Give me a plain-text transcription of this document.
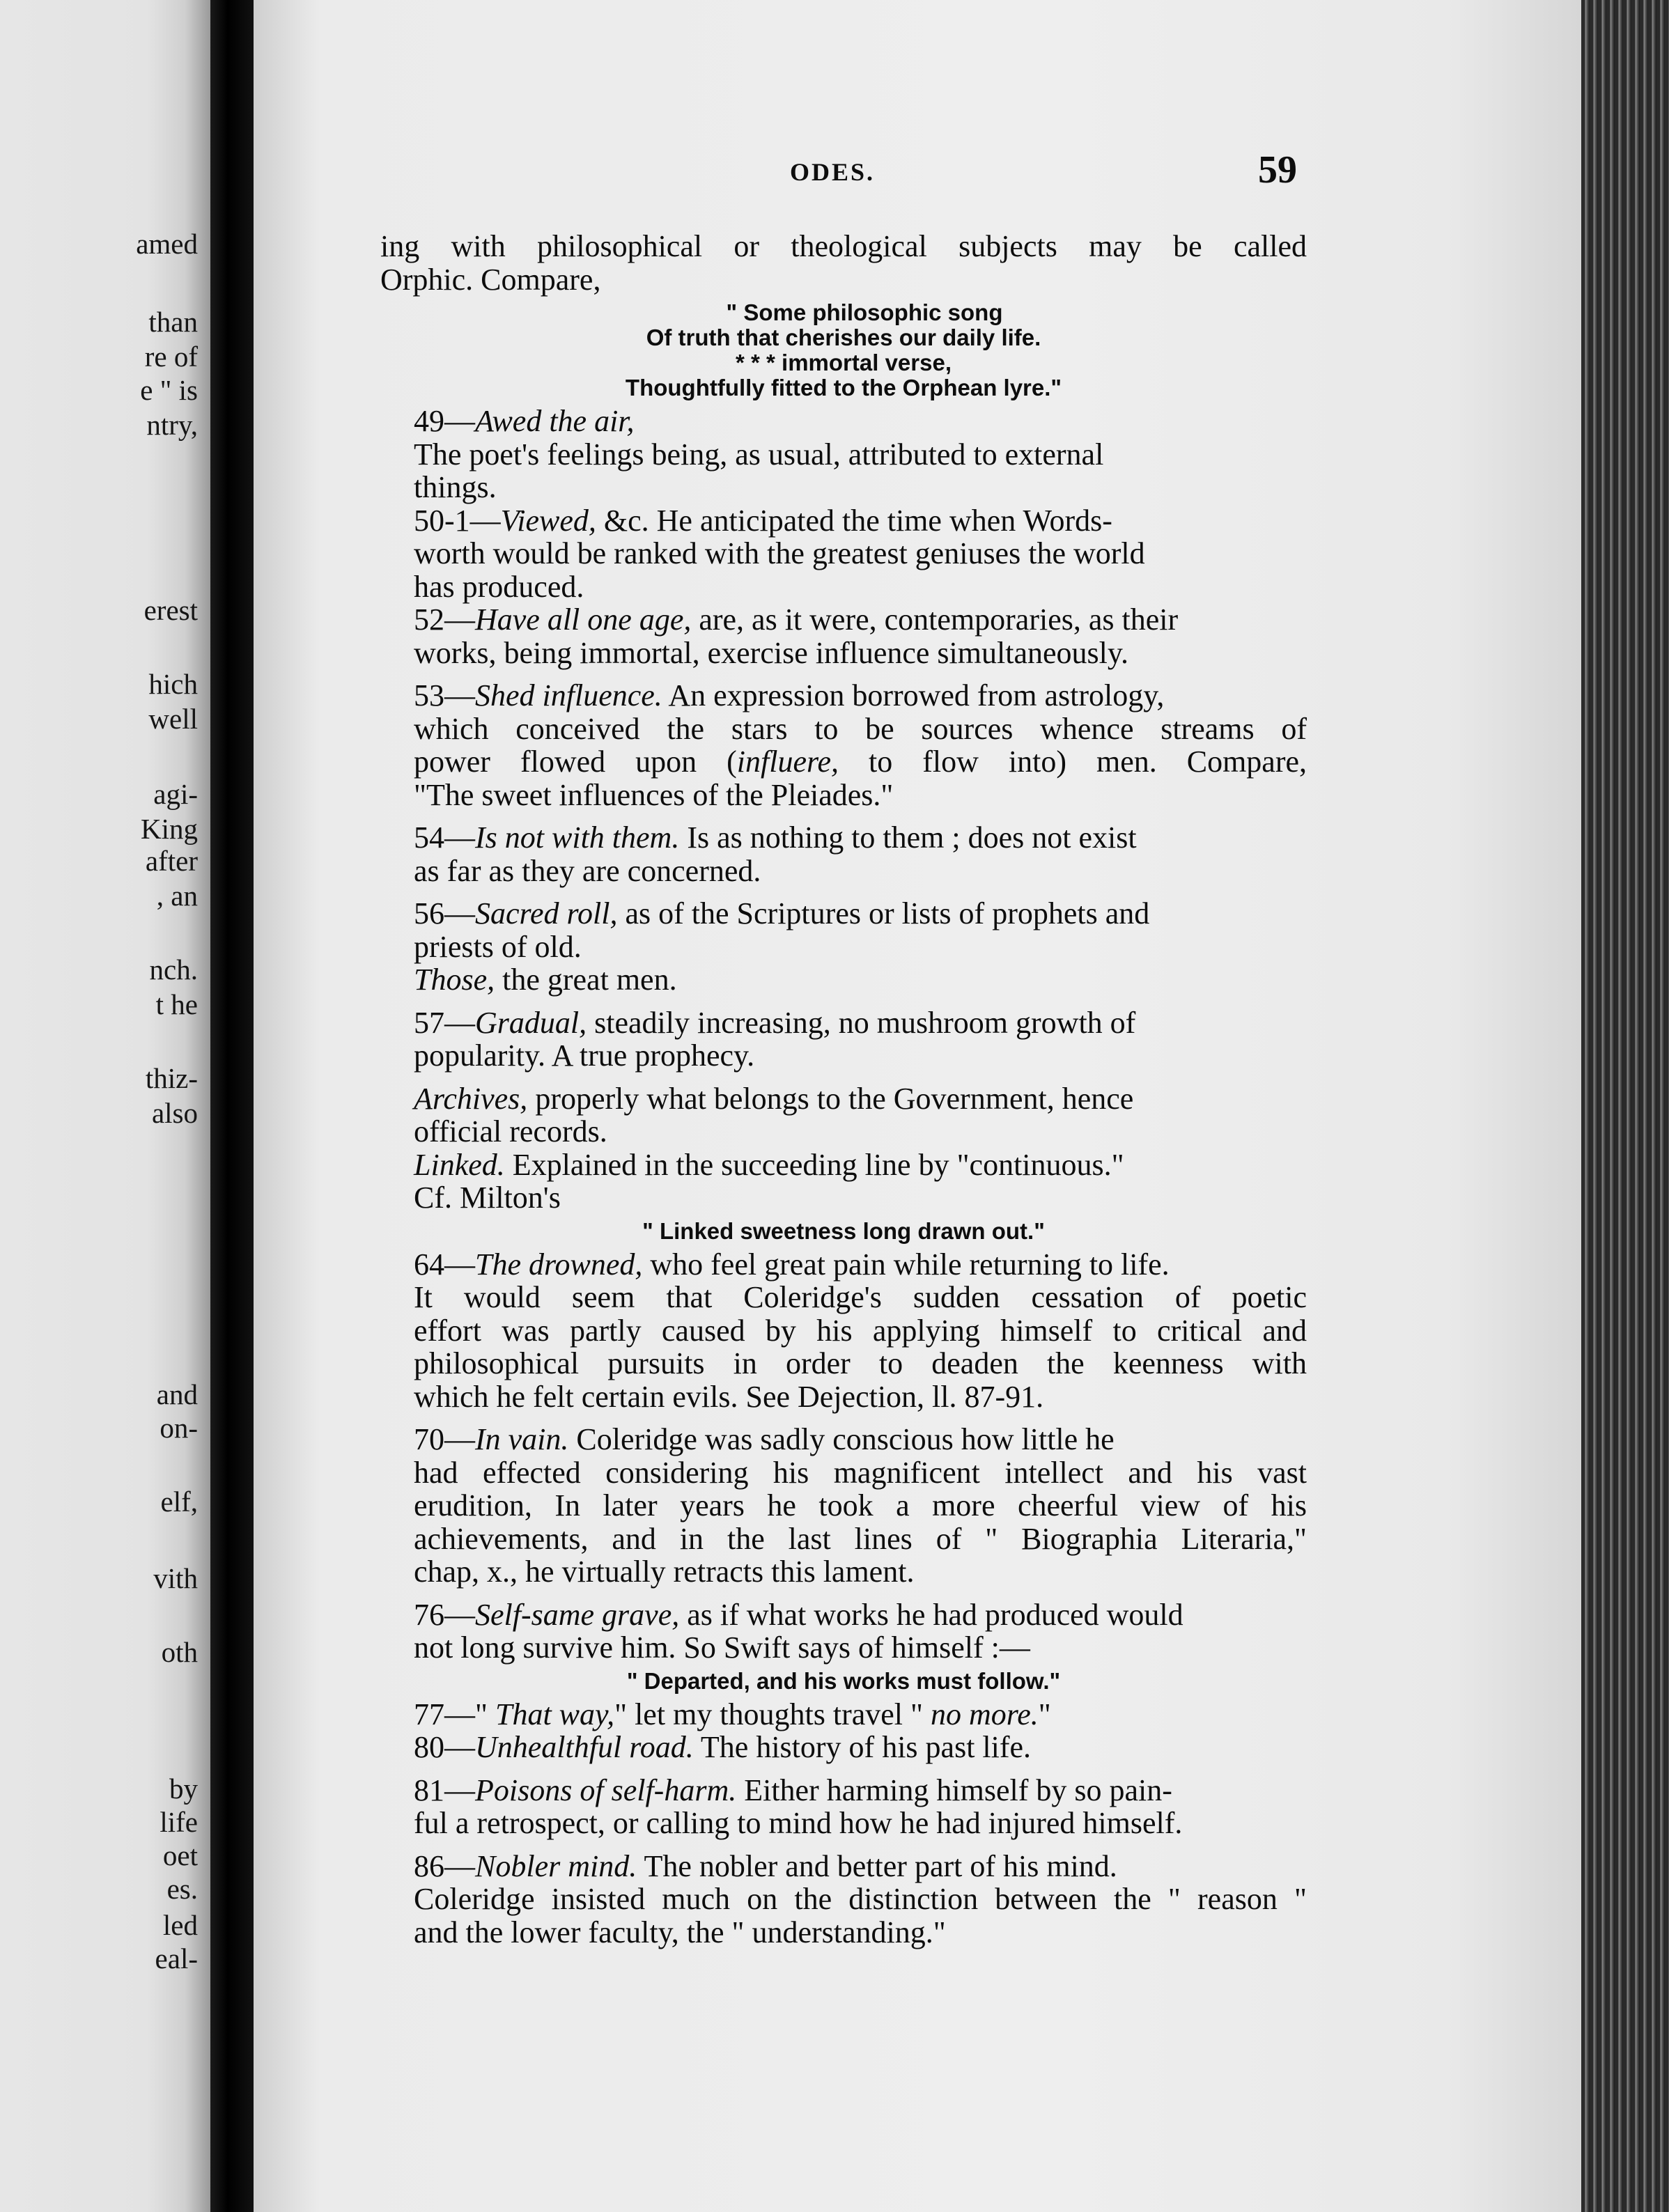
amed
than
re of
e " is
ntry,
erest
hich
well
agi-
King
after
, an
nch.
t he
thiz-
also
and
on-
elf,
vith
oth
by
life
oet
es.
led
eal-
ODES.	59

ing with philosophical or theological subjects may be called
Orphic. Compare,
" Some philosophic song
Of truth that cherishes our daily life.
* * * immortal verse,
Thoughtfully fitted to the Orphean lyre."

49—Awed the air,

The poet's feelings being, as usual, attributed to external
things.

50-1—Viewed, &c. He anticipated the time when Words-
worth would be ranked with the greatest geniuses the world
has produced.

52—Have all one age, are, as it were, contemporaries, as their
works, being immortal, exercise influence simultaneously.

53—Shed influence. An expression borrowed from astrology,
which conceived the stars to be sources whence streams of
power flowed upon (influere, to flow into) men. Compare,
"The sweet influences of the Pleiades."

54—Is not with them. Is as nothing to them ; does not exist
as far as they are concerned.

56—Sacred roll, as of the Scriptures or lists of prophets and
priests of old.

Those, the great men.

57—Gradual, steadily increasing, no mushroom growth of
popularity. A true prophecy.

Archives, properly what belongs to the Government, hence
official records.

Linked. Explained in the succeeding line by "continuous."
Cf. Milton's
" Linked sweetness long drawn out."

64—The drowned, who feel great pain while returning to life.
It would seem that Coleridge's sudden cessation of poetic
effort was partly caused by his applying himself to critical and
philosophical pursuits in order to deaden the keenness with
which he felt certain evils. See Dejection, ll. 87-91.

70—In vain. Coleridge was sadly conscious how little he
had effected considering his magnificent intellect and his vast
erudition, In later years he took a more cheerful view of his
achievements, and in the last lines of " Biographia Literaria,"
chap, x., he virtually retracts this lament.

76—Self-same grave, as if what works he had produced would
not long survive him. So Swift says of himself :—
" Departed, and his works must follow."

77—" That way," let my thoughts travel " no more."

80—Unhealthful road. The history of his past life.

81—Poisons of self-harm. Either harming himself by so pain-
ful a retrospect, or calling to mind how he had injured himself.

86—Nobler mind. The nobler and better part of his mind.
Coleridge insisted much on the distinction between the " reason "
and the lower faculty, the " understanding."
